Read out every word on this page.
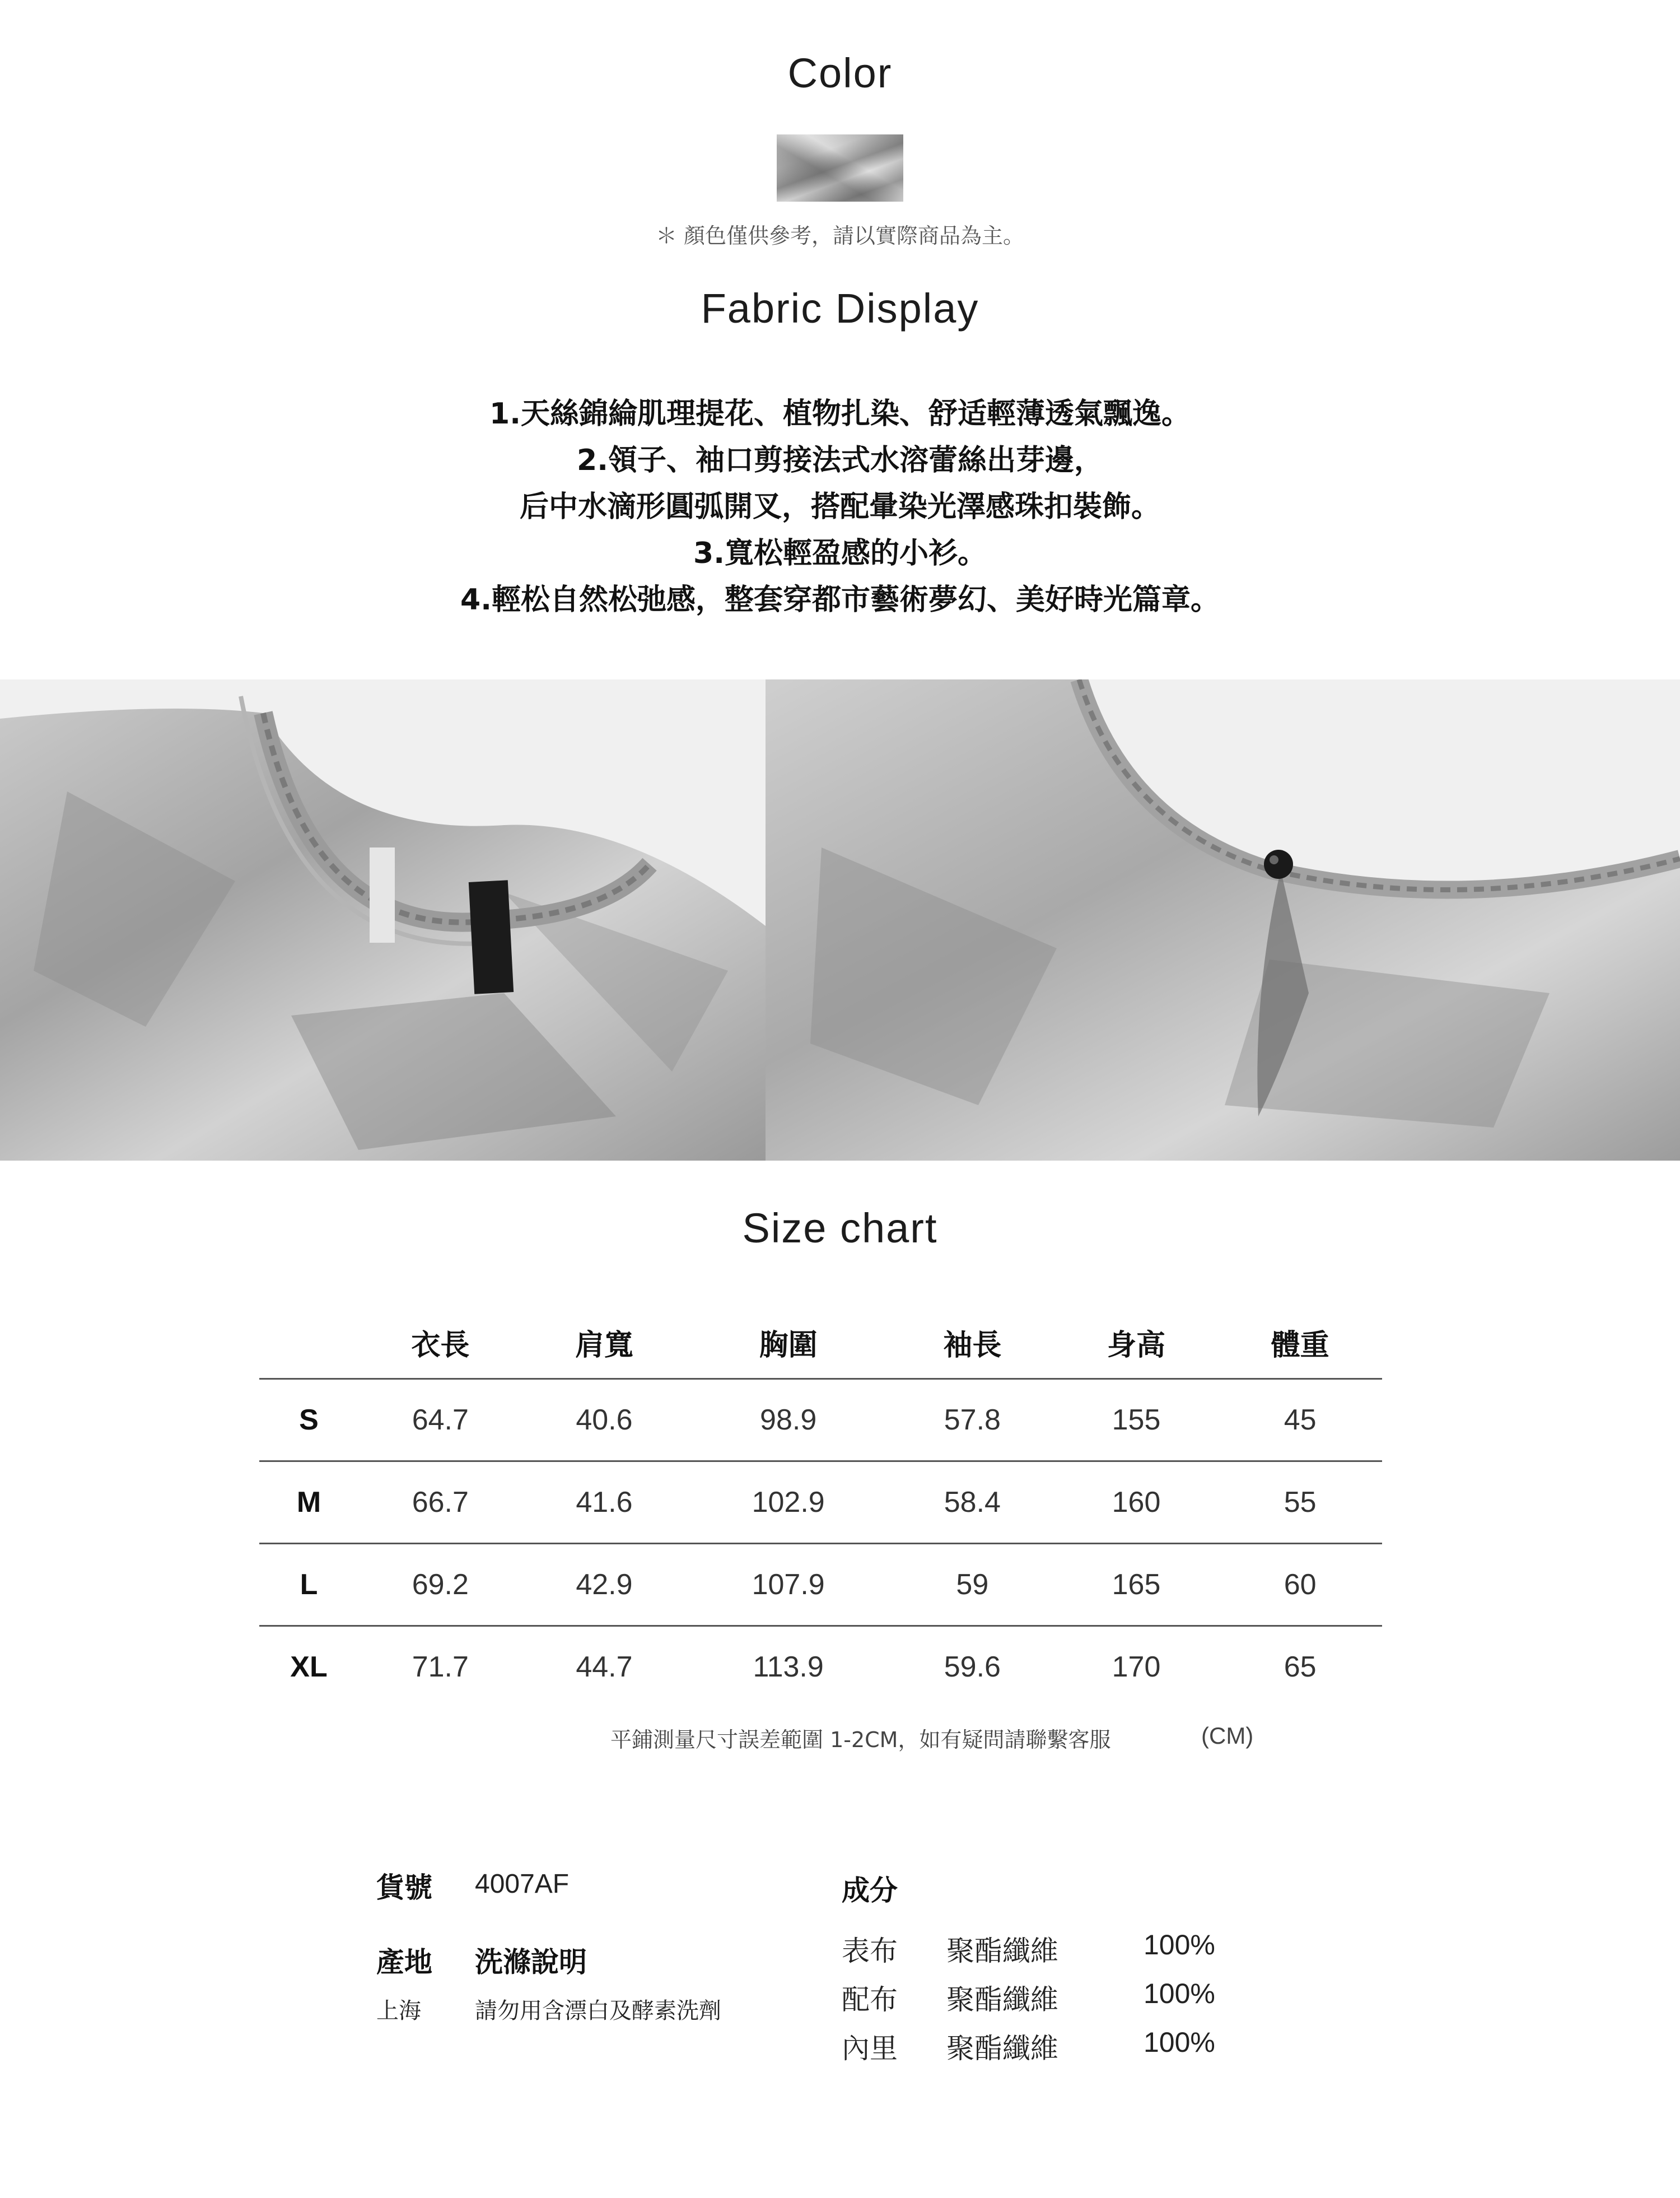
Color
＊ 顏色僅供參考，請以實際商品為主。
Fabric Display
1.天絲錦綸肌理提花、植物扎染、舒适輕薄透氣飄逸。
2.領子、袖口剪接法式水溶蕾絲出芽邊，
后中水滴形圓弧開叉，搭配暈染光澤感珠扣裝飾。
3.寬松輕盈感的小衫。
4.輕松自然松弛感，整套穿都市藝術夢幻、美好時光篇章。
Size chart
	衣長	肩寬	胸圍	袖長	身高	體重
S	64.7	40.6	98.9	57.8	155	45
M	66.7	41.6	102.9	58.4	160	55
L	69.2	42.9	107.9	59	165	60
XL	71.7	44.7	113.9	59.6	170	65
平鋪測量尺寸誤差範圍 1-2CM，如有疑問請聯繫客服	(CM)
貨號 4007AF
產地 洗滌說明
上海 請勿用含漂白及酵素洗劑
成分
表布 聚酯纖維	100%
配布 聚酯纖維	100%
內里 聚酯纖維	100%
